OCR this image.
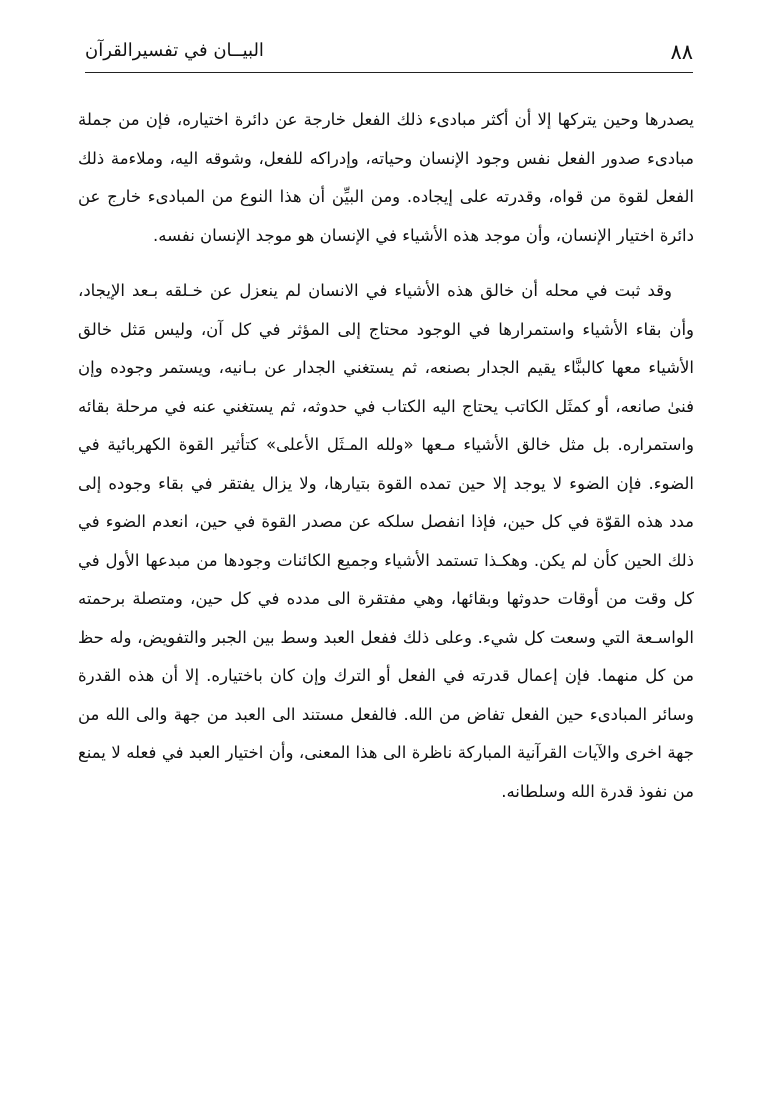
٨٨
البيــان في تفسيرالقرآن

يصدرها وحين يتركها إلا أن أكثر مبادىء ذلك الفعل خارجة عن دائرة اختياره، فإن من جملة مبادىء صدور الفعل نفس وجود الإنسان وحياته، وإدراكه للفعل، وشوقه اليه، وملاءمة ذلك الفعل لقوة من قواه، وقدرته على إيجاده. ومن البيِّن أن هذا النوع من المبادىء خارج عن دائرة اختيار الإنسان، وأن موجد هذه الأشياء في الإنسان هو موجد الإنسان نفسه.

وقد ثبت في محله أن خالق هذه الأشياء في الانسان لم ينعزل عن خـلقه بـعد الإيجاد، وأن بقاء الأشياء واستمرارها في الوجود محتاج إلى المؤثر في كل آن، وليس مَثل خالق الأشياء معها كالبنَّاء يقيم الجدار بصنعه، ثم يستغني الجدار عن بـانيه، ويستمر وجوده وإن فنىٰ صانعه، أو كمثَل الكاتب يحتاج اليه الكتاب في حدوثه، ثم يستغني عنه في مرحلة بقائه واستمراره. بل مثل خالق الأشياء مـعها «ولله المـثَل الأعلى» كتأثير القوة الكهربائية في الضوء. فإن الضوء لا يوجد إلا حين تمده القوة بتيارها، ولا يزال يفتقر في بقاء وجوده إلى مدد هذه القوّة في كل حين، فإذا انفصل سلكه عن مصدر القوة في حين، انعدم الضوء في ذلك الحين كأن لم يكن. وهكـذا تستمد الأشياء وجميع الكائنات وجودها من مبدعها الأول في كل وقت من أوقات حدوثها وبقائها، وهي مفتقرة الى مدده في كل حين، ومتصلة برحمته الواسـعة التي وسعت كل شيء. وعلى ذلك ففعل العبد وسط بين الجبر والتفويض، وله حظ من كل منهما. فإن إعمال قدرته في الفعل أو الترك وإن كان باختياره. إلا أن هذه القدرة وسائر المبادىء حين الفعل تفاض من الله. فالفعل مستند الى العبد من جهة والى الله من جهة اخرى والآيات القرآنية المباركة ناظرة الى هذا المعنى، وأن اختيار العبد في فعله لا يمنع من نفوذ قدرة الله وسلطانه.
